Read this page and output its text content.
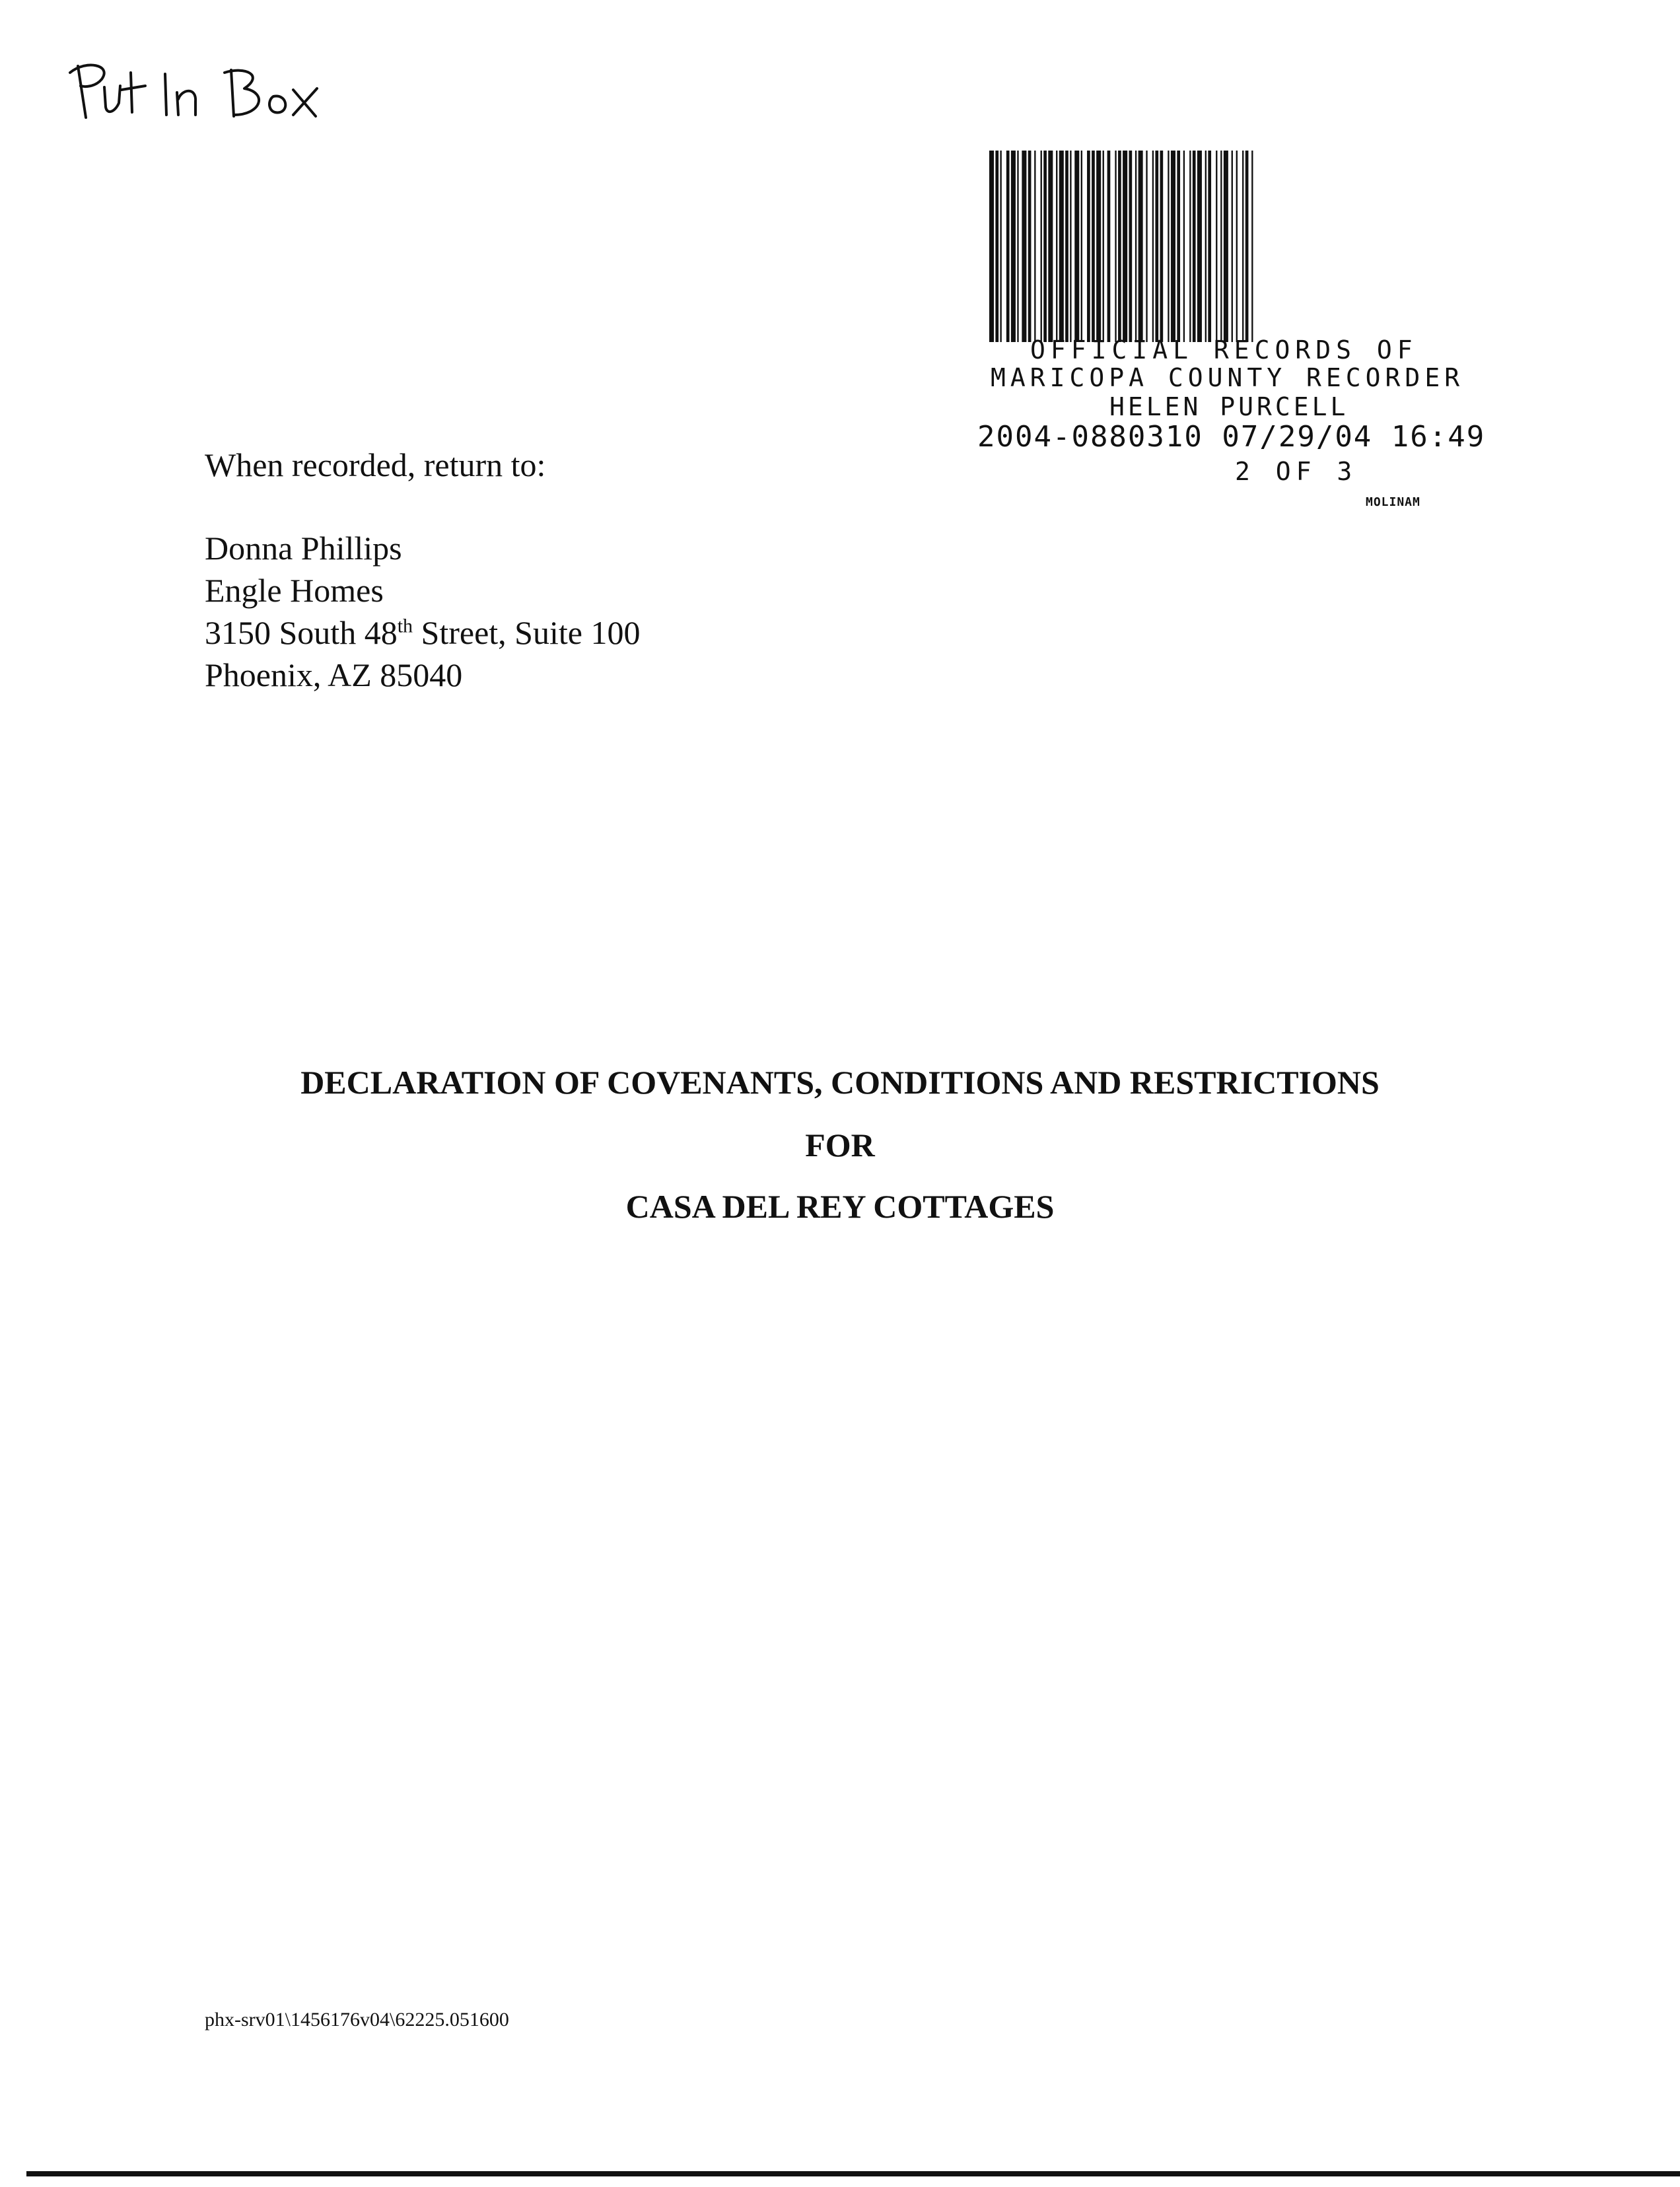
OFFICIAL RECORDS OF
MARICOPA COUNTY RECORDER
HELEN PURCELL
2004-0880310 07/29/04 16:49
2 OF 3
MOLINAM
When recorded, return to:
Donna Phillips
Engle Homes
3150 South 48th Street, Suite 100
Phoenix, AZ 85040
DECLARATION OF COVENANTS, CONDITIONS AND RESTRICTIONS
FOR
CASA DEL REY COTTAGES
phx-srv01\1456176v04\62225.051600
